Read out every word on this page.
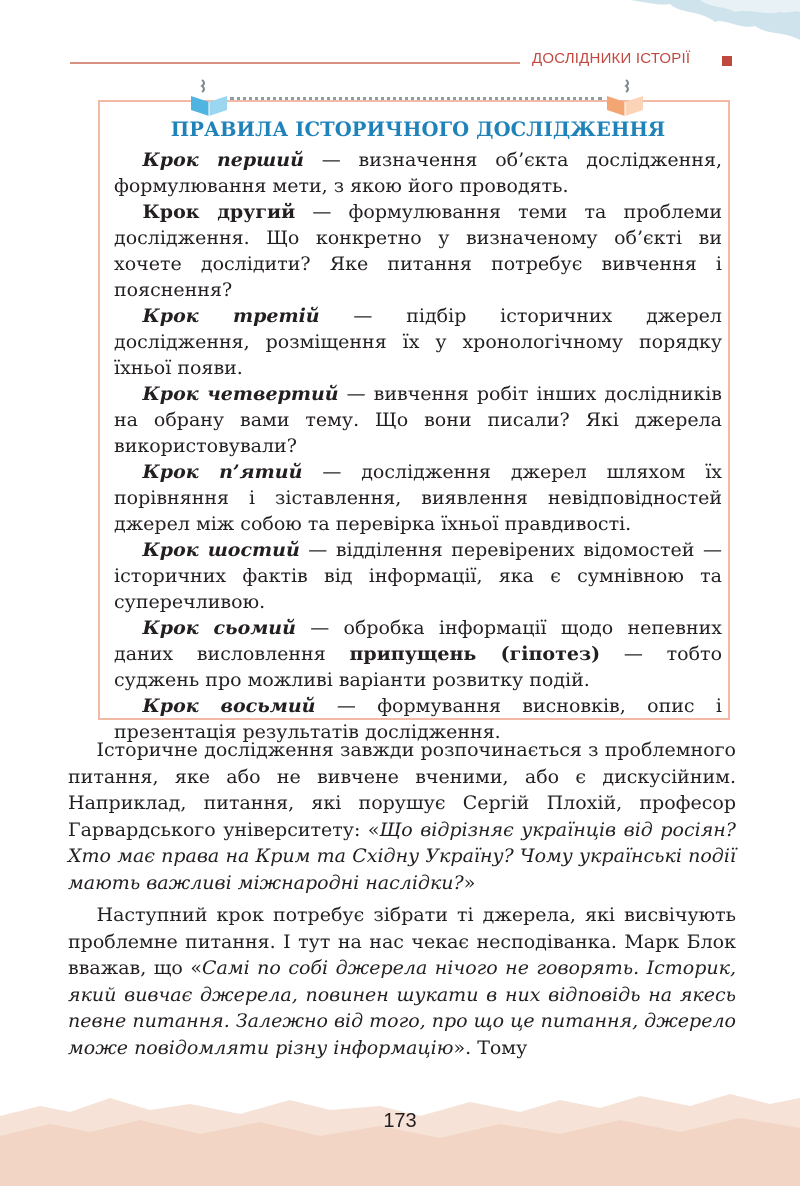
ДОСЛІДНИКИ ІСТОРІЇ
ПРАВИЛА ІСТОРИЧНОГО ДОСЛІДЖЕННЯ

  Крок перший — визначення об’єкта дослідження, формулювання мети, з якою його проводять.

  Крок другий — формулювання теми та проблеми дослідження. Що конкретно у визначеному об’єкті ви хочете дослідити? Яке питання потребує вивчення і пояснення?

  Крок третій — підбір історичних джерел дослідження, розміщення їх у хронологічному порядку їхньої появи.

  Крок четвертий — вивчення робіт інших дослідників на обрану вами тему. Що вони писали? Які джерела використовували?

  Крок п’ятий — дослідження джерел шляхом їх порівняння і зіставлення, виявлення невідповідностей джерел між собою та перевірка їхньої правдивості.

  Крок шостий — відділення перевірених відомостей — історичних фактів від інформації, яка є сумнівною та суперечливою.

  Крок сьомий — обробка інформації щодо непевних даних висловлення припущень (гіпотез) — тобто суджень про можливі варіанти розвитку подій.

  Крок восьмий — формування висновків, опис і презентація результатів дослідження.

  Історичне дослідження завжди розпочинається з проблемного питання, яке або не вивчене вченими, або є дискусійним. Наприклад, питання, які порушує Сергій Плохій, професор Гарвардського університету: «Що відрізняє українців від росіян? Хто має права на Крим та Східну Україну? Чому українські події мають важливі міжнародні наслідки?»

  Наступний крок потребує зібрати ті джерела, які висвічують проблемне питання. І тут на нас чекає несподіванка. Марк Блок вважав, що «Самі по собі джерела нічого не говорять. Історик, який вивчає джерела, повинен шукати в них відповідь на якесь певне питання. Залежно від того, про що це питання, джерело може повідомляти різну інформацію». Тому

173
